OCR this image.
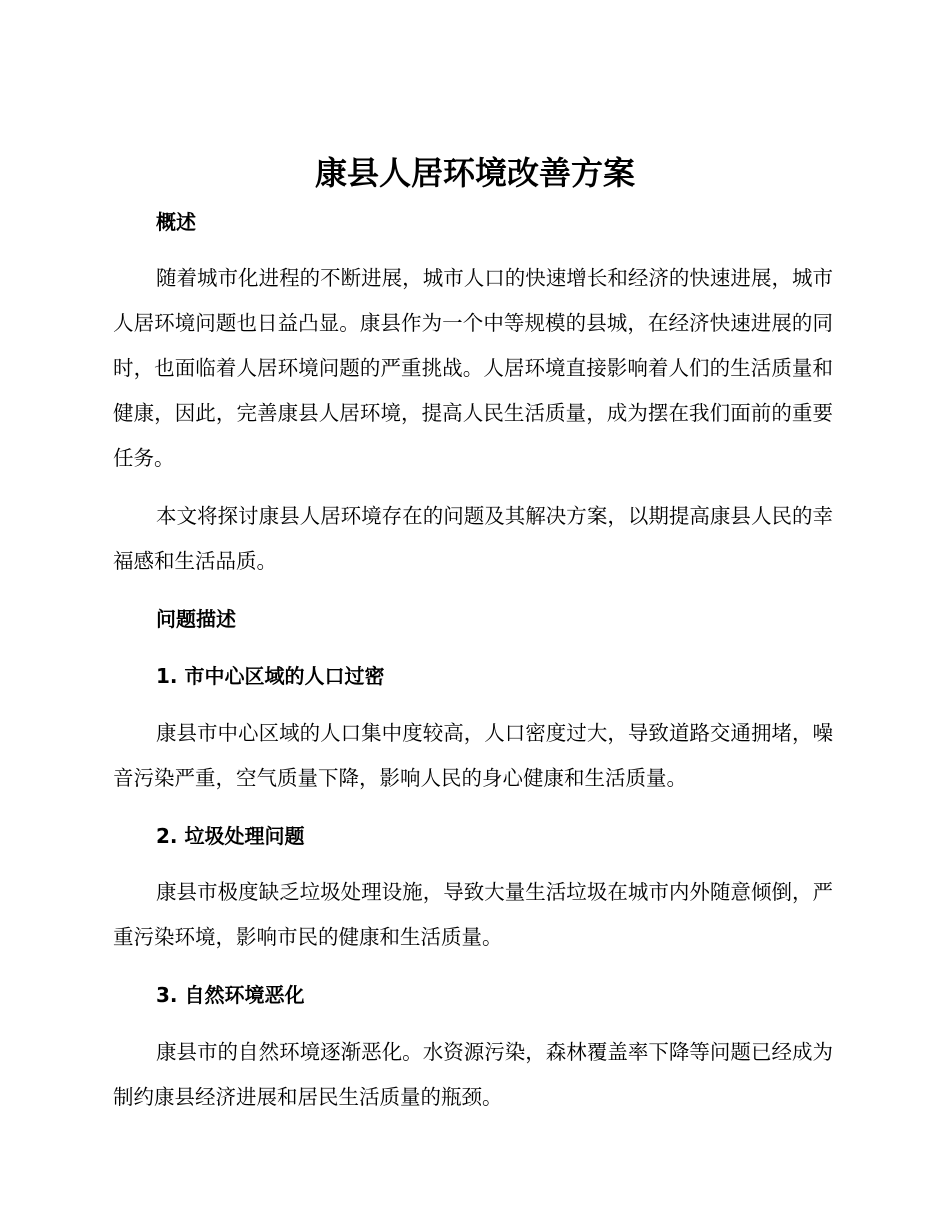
康县人居环境改善方案
概述

随着城市化进程的不断进展，城市人口的快速增长和经济的快速进展，城市人居环境问题也日益凸显。康县作为一个中等规模的县城，在经济快速进展的同时，也面临着人居环境问题的严重挑战。人居环境直接影响着人们的生活质量和健康，因此，完善康县人居环境，提高人民生活质量，成为摆在我们面前的重要任务。

本文将探讨康县人居环境存在的问题及其解决方案，以期提高康县人民的幸福感和生活品质。

问题描述
1. 市中心区域的人口过密

康县市中心区域的人口集中度较高，人口密度过大，导致道路交通拥堵，噪音污染严重，空气质量下降，影响人民的身心健康和生活质量。

2. 垃圾处理问题

康县市极度缺乏垃圾处理设施，导致大量生活垃圾在城市内外随意倾倒，严重污染环境，影响市民的健康和生活质量。

3. 自然环境恶化

康县市的自然环境逐渐恶化。水资源污染，森林覆盖率下降等问题已经成为制约康县经济进展和居民生活质量的瓶颈。
